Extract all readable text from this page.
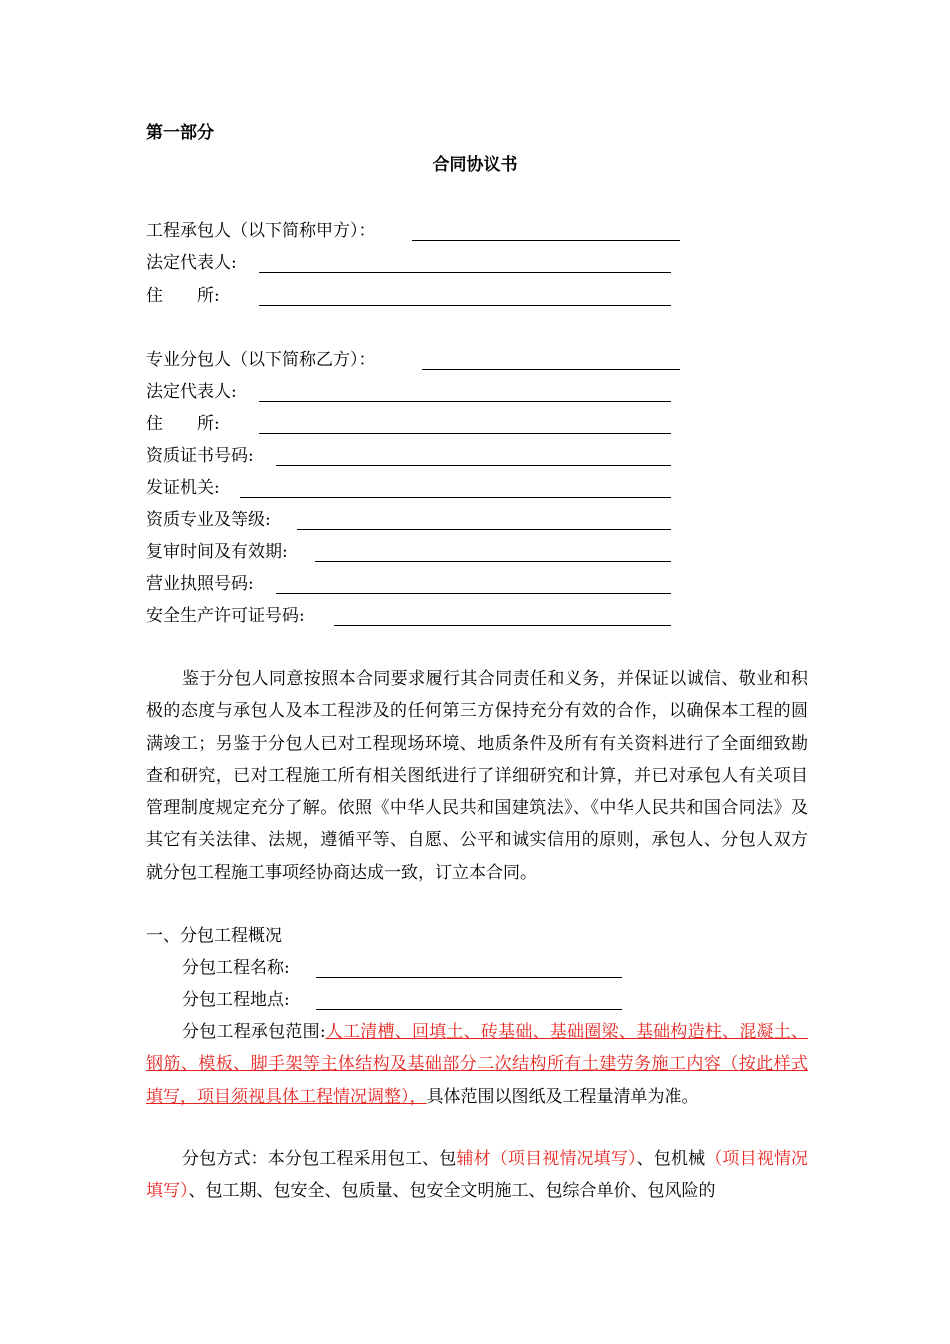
第一部分
合同协议书
工程承包人（以下简称甲方）：
法定代表人:
住　　所:
专业分包人（以下简称乙方）：
法定代表人:
住　　所:
资质证书号码:
发证机关:
资质专业及等级:
复审时间及有效期:
营业执照号码:
安全生产许可证号码:
鉴于分包人同意按照本合同要求履行其合同责任和义务，并保证以诚信、敬业和积极的态度与承包人及本工程涉及的任何第三方保持充分有效的合作，以确保本工程的圆满竣工；另鉴于分包人已对工程现场环境、地质条件及所有有关资料进行了全面细致勘查和研究，已对工程施工所有相关图纸进行了详细研究和计算，并已对承包人有关项目管理制度规定充分了解。依照《中华人民共和国建筑法》、《中华人民共和国合同法》及其它有关法律、法规，遵循平等、自愿、公平和诚实信用的原则，承包人、分包人双方就分包工程施工事项经协商达成一致，订立本合同。
一、分包工程概况
分包工程名称:
分包工程地点:
分包工程承包范围:人工清槽、回填土、砖基础、基础圈梁、基础构造柱、混凝土、钢筋、模板、脚手架等主体结构及基础部分二次结构所有土建劳务施工内容（按此样式填写，项目须视具体工程情况调整），具体范围以图纸及工程量清单为准。
分包方式：本分包工程采用包工、包辅材（项目视情况填写）、包机械（项目视情况填写）、包工期、包安全、包质量、包安全文明施工、包综合单价、包风险的
